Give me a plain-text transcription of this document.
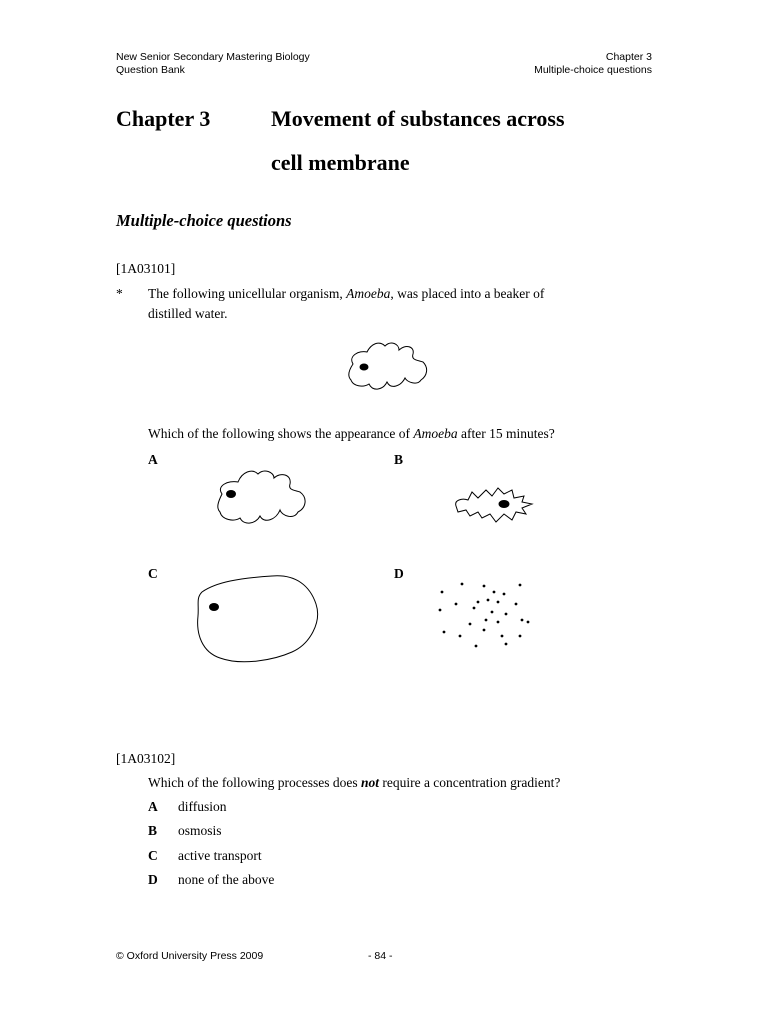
New Senior Secondary Mastering Biology
Question Bank
Chapter 3
Multiple-choice questions
Chapter 3	Movement of substances across
cell membrane
Multiple-choice questions
[1A03101]
* The following unicellular organism, Amoeba, was placed into a beaker of
distilled water.
Which of the following shows the appearance of Amoeba after 15 minutes?
A	B
C	D
[1A03102]
Which of the following processes does not require a concentration gradient?
A diffusion
B osmosis
C active transport
D none of the above
© Oxford University Press 2009	- 84 -
